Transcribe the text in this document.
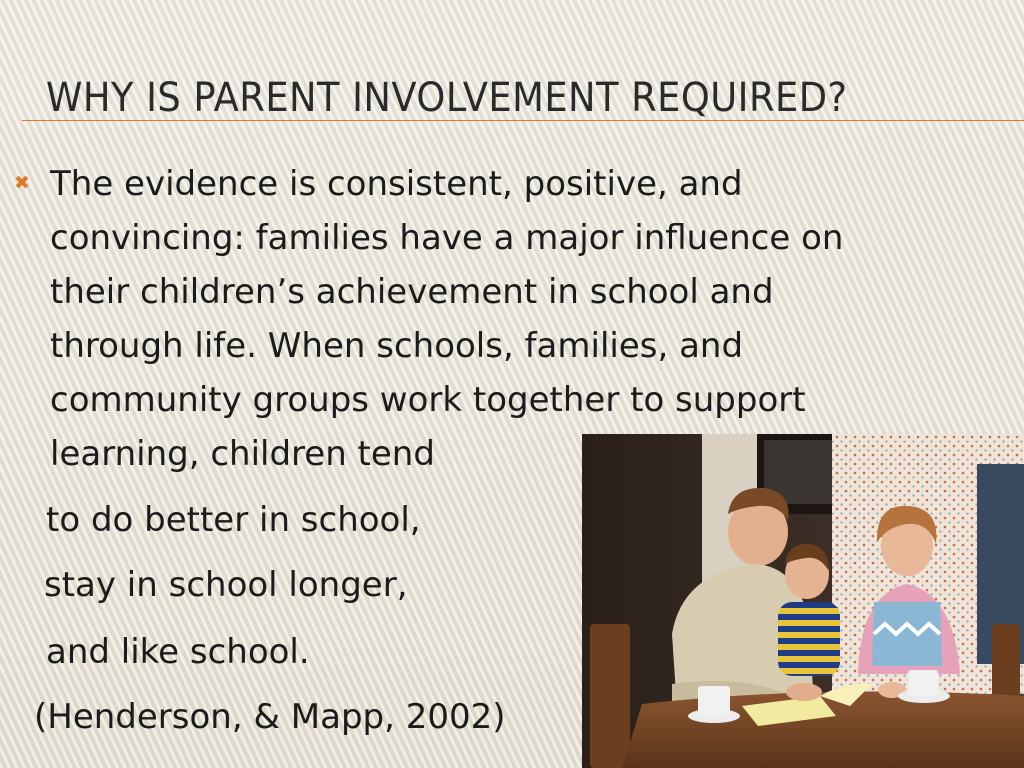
WHY IS PARENT INVOLVEMENT REQUIRED?
✖ The evidence is consistent, positive, and
convincing: families have a major influence on
their children’s achievement in school and
through life. When schools, families, and
community groups work together to support
learning, children tend

to do better in school,

stay in school longer,

and like school.

(Henderson, & Mapp, 2002)
